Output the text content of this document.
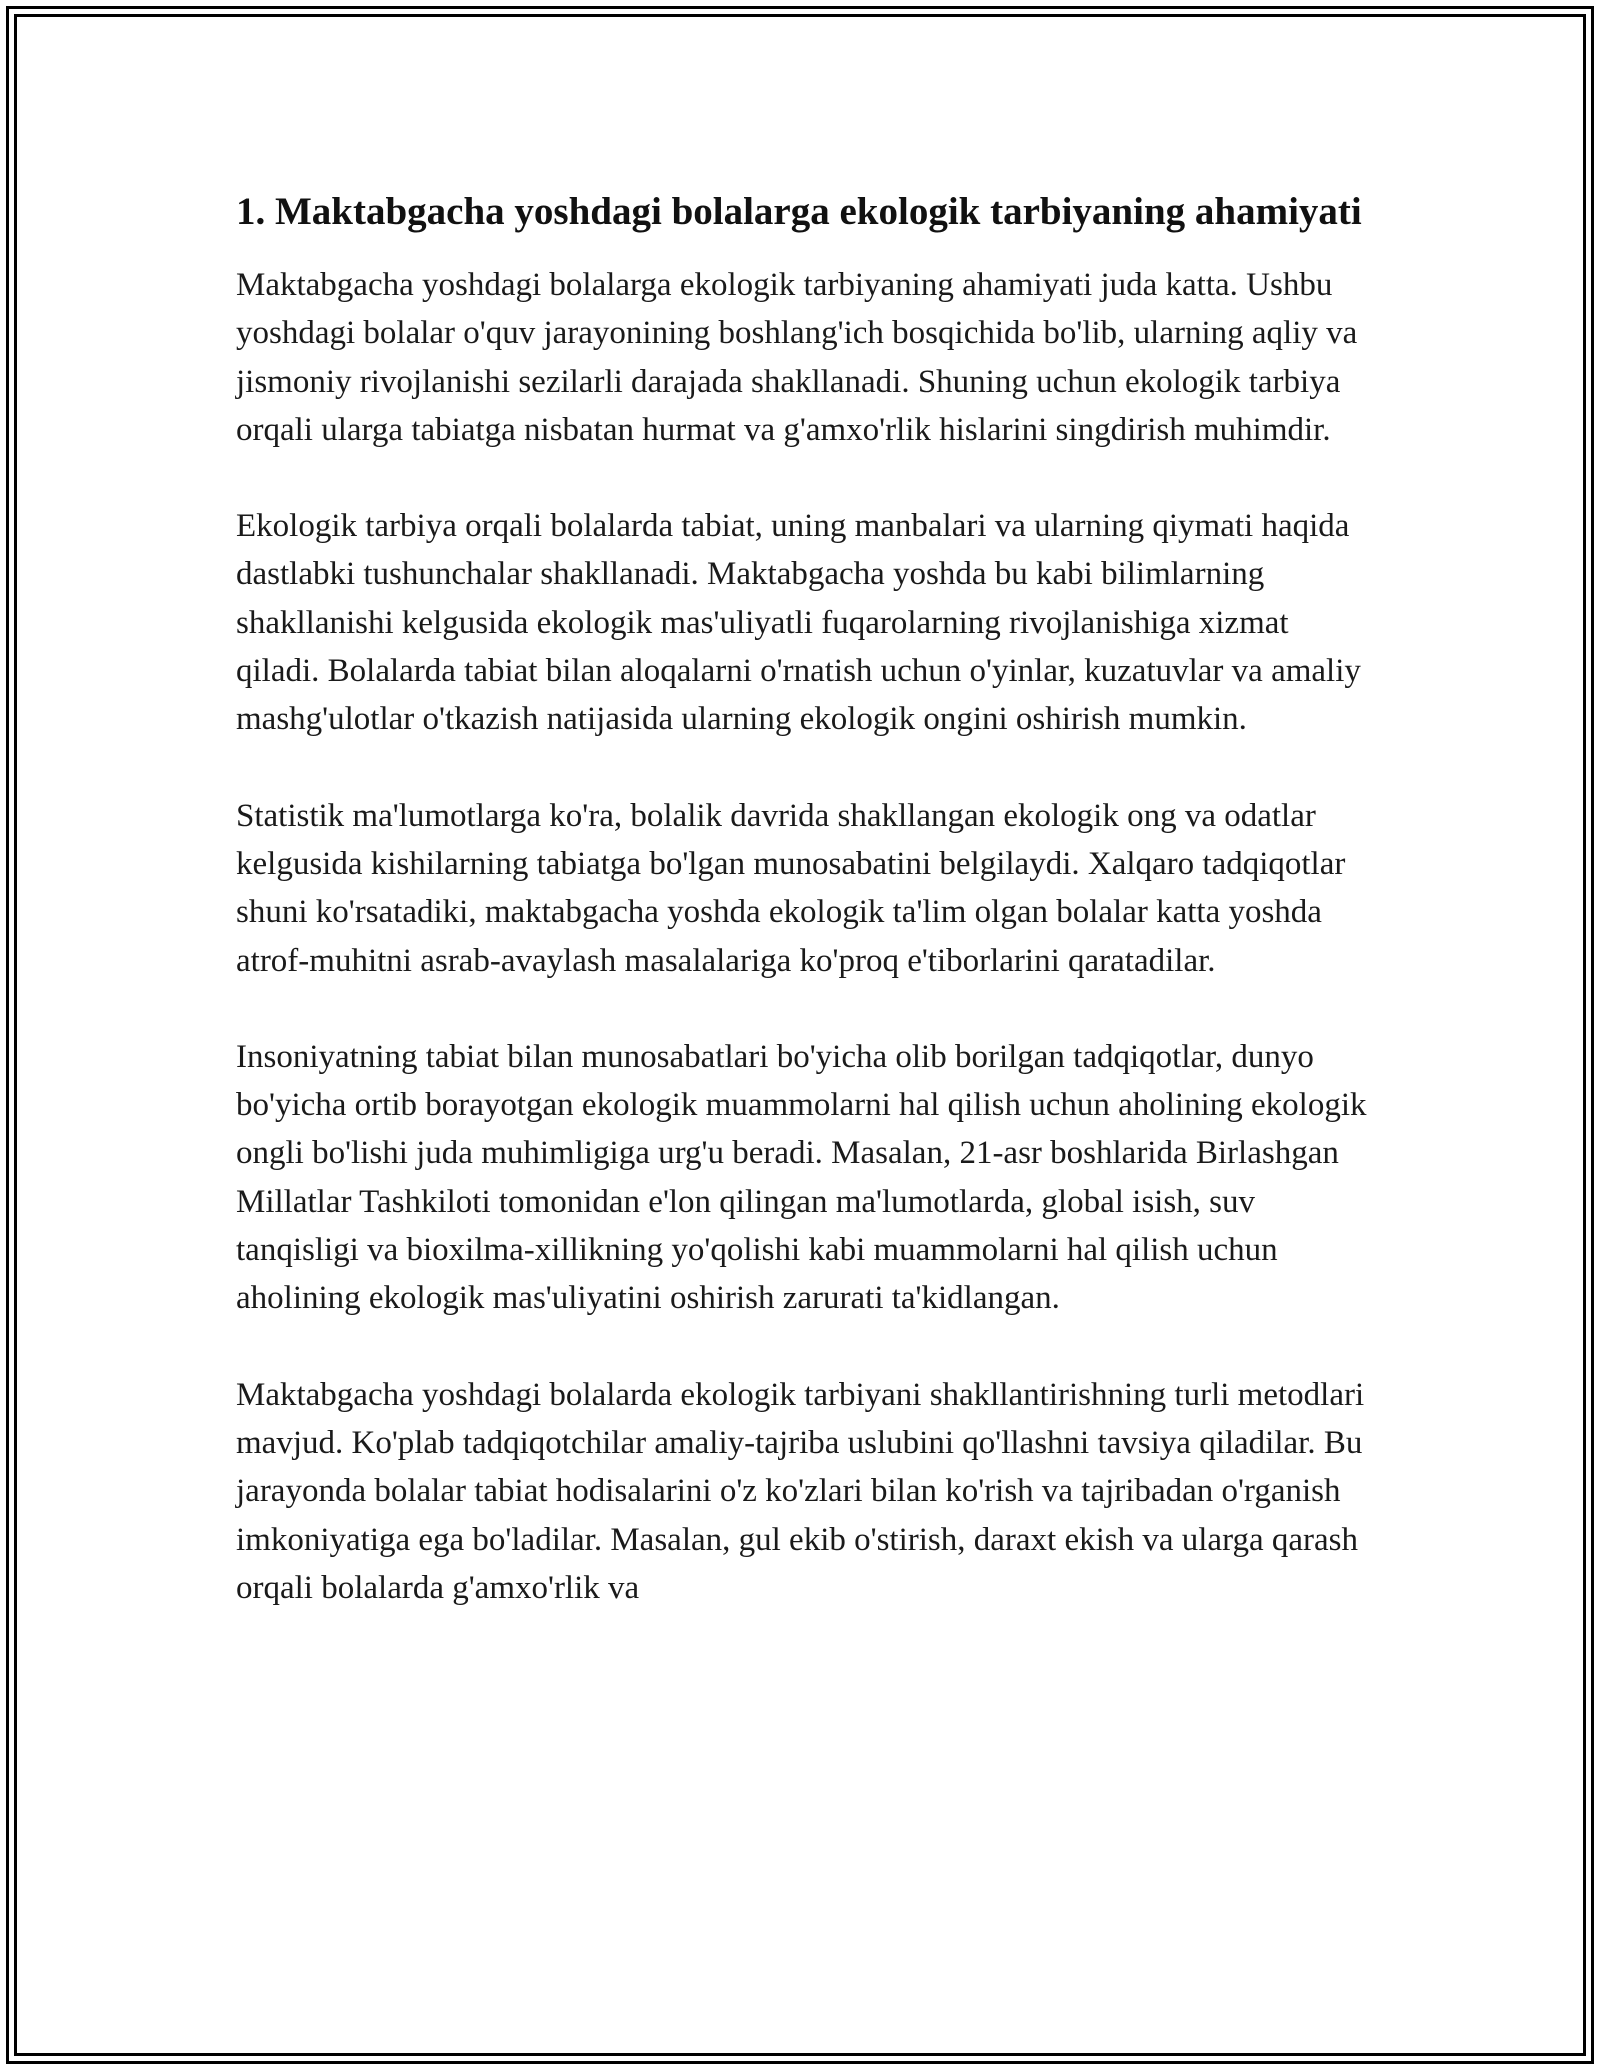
1. Maktabgacha yoshdagi bolalarga ekologik tarbiyaning ahamiyati

Maktabgacha yoshdagi bolalarga ekologik tarbiyaning ahamiyati juda katta. Ushbu yoshdagi bolalar o'quv jarayonining boshlang'ich bosqichida bo'lib, ularning aqliy va jismoniy rivojlanishi sezilarli darajada shakllanadi. Shuning uchun ekologik tarbiya orqali ularga tabiatga nisbatan hurmat va g'amxo'rlik hislarini singdirish muhimdir.

Ekologik tarbiya orqali bolalarda tabiat, uning manbalari va ularning qiymati haqida dastlabki tushunchalar shakllanadi. Maktabgacha yoshda bu kabi bilimlarning shakllanishi kelgusida ekologik mas'uliyatli fuqarolarning rivojlanishiga xizmat qiladi. Bolalarda tabiat bilan aloqalarni o'rnatish uchun o'yinlar, kuzatuvlar va amaliy mashg'ulotlar o'tkazish natijasida ularning ekologik ongini oshirish mumkin.

Statistik ma'lumotlarga ko'ra, bolalik davrida shakllangan ekologik ong va odatlar kelgusida kishilarning tabiatga bo'lgan munosabatini belgilaydi. Xalqaro tadqiqotlar shuni ko'rsatadiki, maktabgacha yoshda ekologik ta'lim olgan bolalar katta yoshda atrof-muhitni asrab-avaylash masalalariga ko'proq e'tiborlarini qaratadilar.

Insoniyatning tabiat bilan munosabatlari bo'yicha olib borilgan tadqiqotlar, dunyo bo'yicha ortib borayotgan ekologik muammolarni hal qilish uchun aholining ekologik ongli bo'lishi juda muhimligiga urg'u beradi. Masalan, 21-asr boshlarida Birlashgan Millatlar Tashkiloti tomonidan e'lon qilingan ma'lumotlarda, global isish, suv tanqisligi va bioxilma-xillikning yo'qolishi kabi muammolarni hal qilish uchun aholining ekologik mas'uliyatini oshirish zarurati ta'kidlangan.

Maktabgacha yoshdagi bolalarda ekologik tarbiyani shakllantirishning turli metodlari mavjud. Ko'plab tadqiqotchilar amaliy-tajriba uslubini qo'llashni tavsiya qiladilar. Bu jarayonda bolalar tabiat hodisalarini o'z ko'zlari bilan ko'rish va tajribadan o'rganish imkoniyatiga ega bo'ladilar. Masalan, gul ekib o'stirish, daraxt ekish va ularga qarash orqali bolalarda g'amxo'rlik va
